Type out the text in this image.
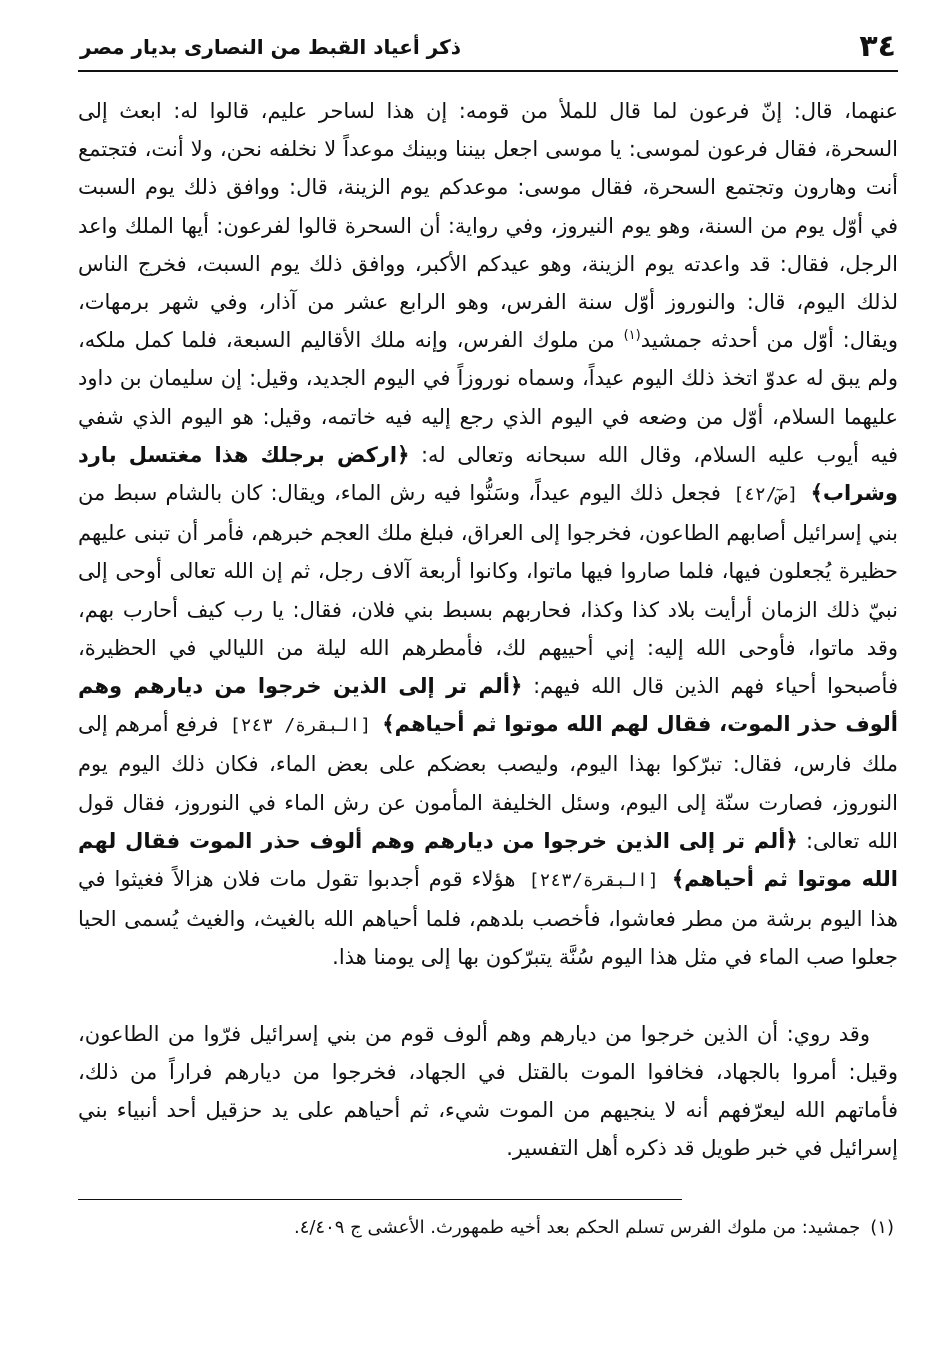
٣٤
ذكر أعياد القبط من النصارى بديار مصر

عنهما، قال: إنّ فرعون لما قال للملأ من قومه: إن هذا لساحر عليم، قالوا له: ابعث إلى السحرة، فقال فرعون لموسى: يا موسى اجعل بيننا وبينك موعداً لا نخلفه نحن، ولا أنت، فتجتمع أنت وهارون وتجتمع السحرة، فقال موسى: موعدكم يوم الزينة، قال: ووافق ذلك يوم السبت في أوّل يوم من السنة، وهو يوم النيروز، وفي رواية: أن السحرة قالوا لفرعون: أيها الملك واعد الرجل، فقال: قد واعدته يوم الزينة، وهو عيدكم الأكبر، ووافق ذلك يوم السبت، فخرج الناس لذلك اليوم، قال: والنوروز أوّل سنة الفرس، وهو الرابع عشر من آذار، وفي شهر برمهات، ويقال: أوّل من أحدثه جمشيد$^{(١)}$ من ملوك الفرس، وإنه ملك الأقاليم السبعة، فلما كمل ملكه، ولم يبق له عدوّ اتخذ ذلك اليوم عيداً، وسماه نوروزاً في اليوم الجديد، وقيل: إن سليمان بن داود عليهما السلام، أوّل من وضعه في اليوم الذي رجع إليه فيه خاتمه، وقيل: هو اليوم الذي شفي فيه أيوب عليه السلام، وقال الله سبحانه وتعالى له: ﴿اركض برجلك هذا مغتسل بارد وشراب﴾ [صٓ/٤٢] فجعل ذلك اليوم عيداً، وسَنُّوا فيه رش الماء، ويقال: كان بالشام سبط من بني إسرائيل أصابهم الطاعون، فخرجوا إلى العراق، فبلغ ملك العجم خبرهم، فأمر أن تبنى عليهم حظيرة يُجعلون فيها، فلما صاروا فيها ماتوا، وكانوا أربعة آلاف رجل، ثم إن الله تعالى أوحى إلى نبيّ ذلك الزمان أرأيت بلاد كذا وكذا، فحاربهم بسبط بني فلان، فقال: يا رب كيف أحارب بهم، وقد ماتوا، فأوحى الله إليه: إني أحييهم لك، فأمطرهم الله ليلة من الليالي في الحظيرة، فأصبحوا أحياء فهم الذين قال الله فيهم: ﴿ألم تر إلى الذين خرجوا من ديارهم وهم ألوف حذر الموت، فقال لهم الله موتوا ثم أحياهم﴾ [البقرة/ ٢٤٣] فرفع أمرهم إلى ملك فارس، فقال: تبرّكوا بهذا اليوم، وليصب بعضكم على بعض الماء، فكان ذلك اليوم يوم النوروز، فصارت سنّة إلى اليوم، وسئل الخليفة المأمون عن رش الماء في النوروز، فقال قول الله تعالى: ﴿ألم تر إلى الذين خرجوا من ديارهم وهم ألوف حذر الموت فقال لهم الله موتوا ثم أحياهم﴾ [البقرة/٢٤٣] هؤلاء قوم أجدبوا تقول مات فلان هزالاً فغيثوا في هذا اليوم برشة من مطر فعاشوا، فأخصب بلدهم، فلما أحياهم الله بالغيث، والغيث يُسمى الحيا جعلوا صب الماء في مثل هذا اليوم سُنَّة يتبرّكون بها إلى يومنا هذا.

وقد روي: أن الذين خرجوا من ديارهم وهم ألوف قوم من بني إسرائيل فرّوا من الطاعون، وقيل: أمروا بالجهاد، فخافوا الموت بالقتل في الجهاد، فخرجوا من ديارهم فراراً من ذلك، فأماتهم الله ليعرّفهم أنه لا ينجيهم من الموت شيء، ثم أحياهم على يد حزقيل أحد أنبياء بني إسرائيل في خبر طويل قد ذكره أهل التفسير.

(١)جمشيد: من ملوك الفرس تسلم الحكم بعد أخيه طمهورث. الأعشى ج ٤/٤٠٩.
